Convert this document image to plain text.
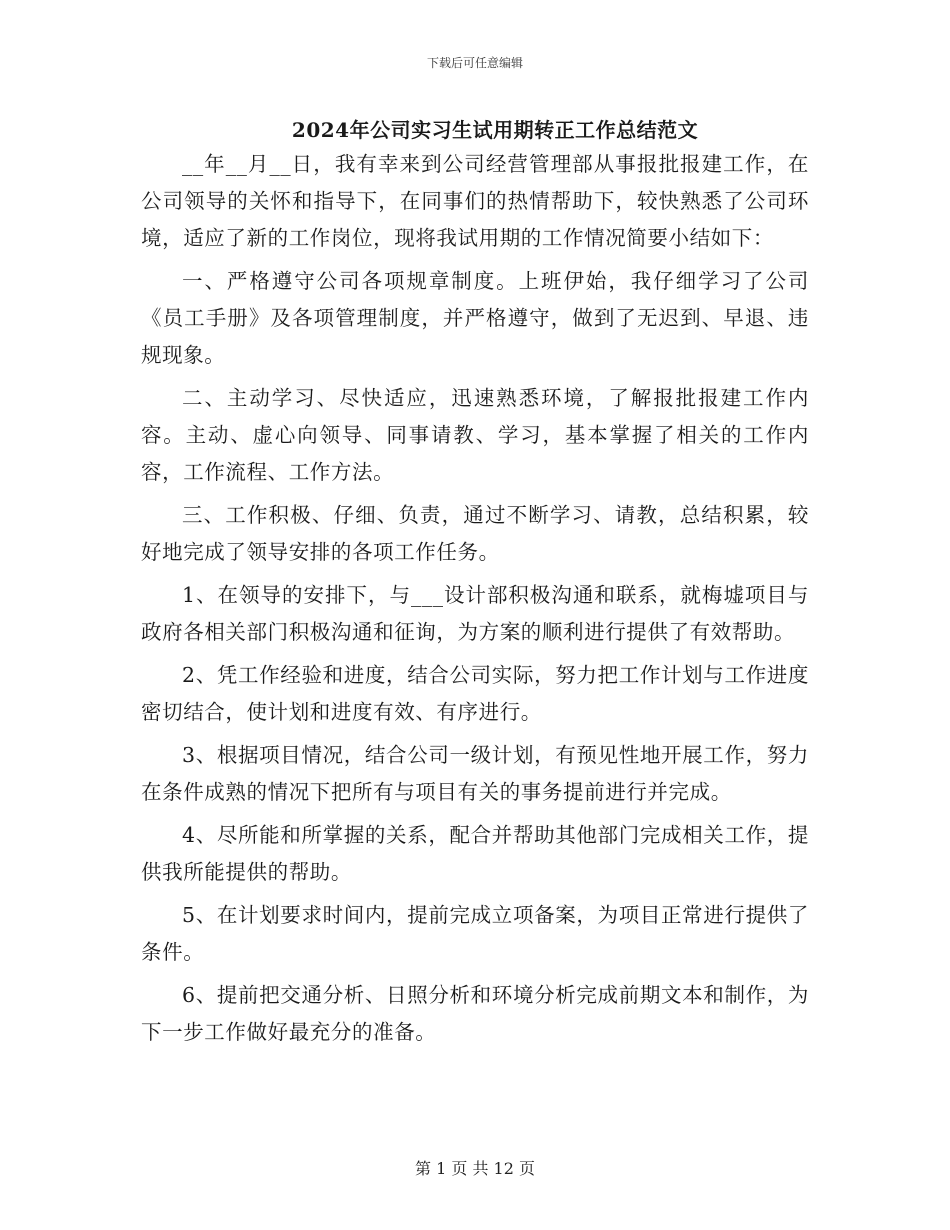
下载后可任意编辑
2024年公司实习生试用期转正工作总结范文

__年__月__日，我有幸来到公司经营管理部从事报批报建工作，在公司领导的关怀和指导下，在同事们的热情帮助下，较快熟悉了公司环境，适应了新的工作岗位，现将我试用期的工作情况简要小结如下：

一、严格遵守公司各项规章制度。上班伊始，我仔细学习了公司《员工手册》及各项管理制度，并严格遵守，做到了无迟到、早退、违规现象。

二、主动学习、尽快适应，迅速熟悉环境，了解报批报建工作内容。主动、虚心向领导、同事请教、学习，基本掌握了相关的工作内容，工作流程、工作方法。

三、工作积极、仔细、负责，通过不断学习、请教，总结积累，较好地完成了领导安排的各项工作任务。

1、在领导的安排下，与___设计部积极沟通和联系，就梅墟项目与政府各相关部门积极沟通和征询，为方案的顺利进行提供了有效帮助。

2、凭工作经验和进度，结合公司实际，努力把工作计划与工作进度密切结合，使计划和进度有效、有序进行。

3、根据项目情况，结合公司一级计划，有预见性地开展工作，努力在条件成熟的情况下把所有与项目有关的事务提前进行并完成。

4、尽所能和所掌握的关系，配合并帮助其他部门完成相关工作，提供我所能提供的帮助。

5、在计划要求时间内，提前完成立项备案，为项目正常进行提供了条件。

6、提前把交通分析、日照分析和环境分析完成前期文本和制作，为下一步工作做好最充分的准备。

第 1 页 共 12 页
